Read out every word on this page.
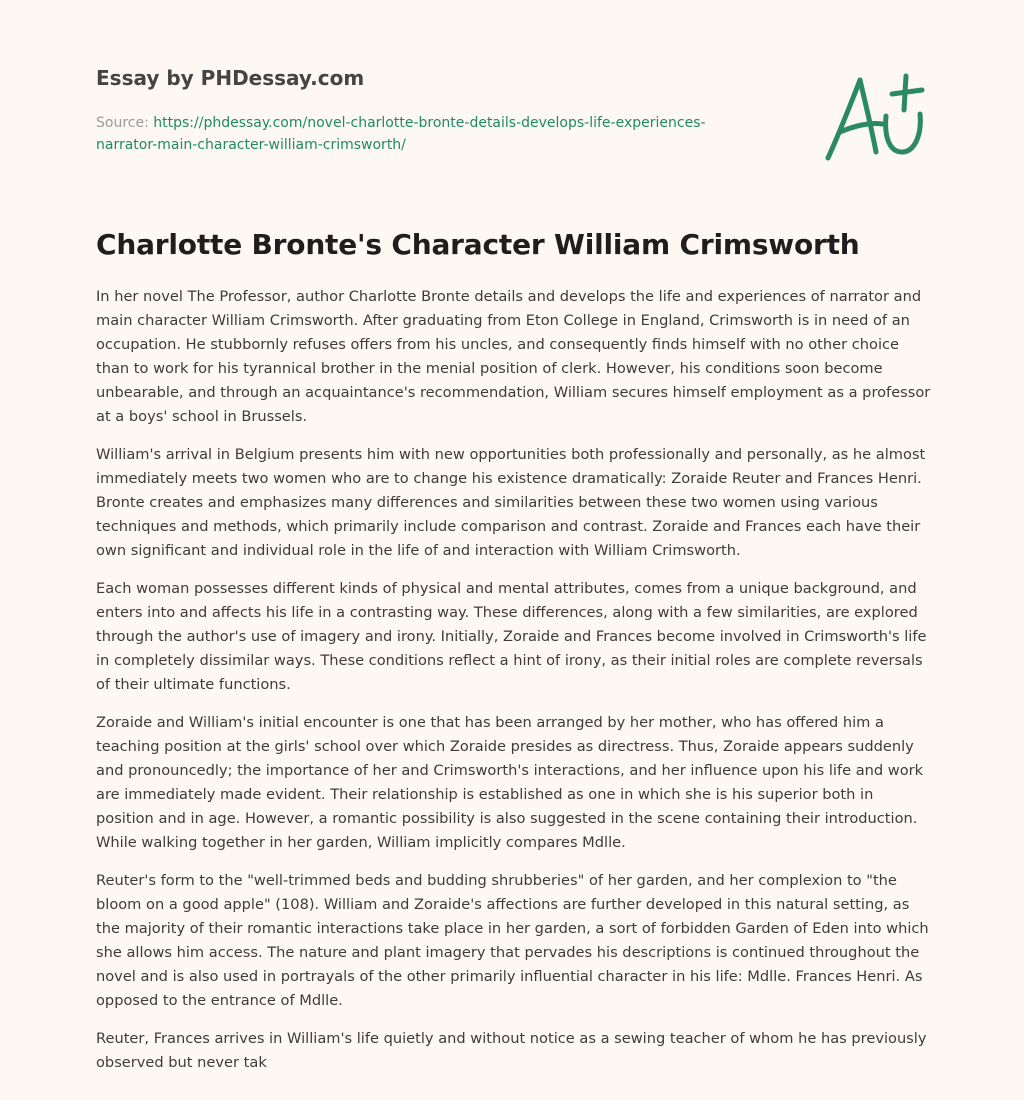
Essay by PHDessay.com
Source: https://phdessay.com/novel-charlotte-bronte-details-develops-life-experiences-
narrator-main-character-william-crimsworth/
Charlotte Bronte's Character William Crimsworth

In her novel The Professor, author Charlotte Bronte details and develops the life and experiences of narrator and main character William Crimsworth. After graduating from Eton College in England, Crimsworth is in need of an occupation. He stubbornly refuses offers from his uncles, and consequently finds himself with no other choice than to work for his tyrannical brother in the menial position of clerk. However, his conditions soon become unbearable, and through an acquaintance's recommendation, William secures himself employment as a professor at a boys' school in Brussels.

William's arrival in Belgium presents him with new opportunities both professionally and personally, as he almost immediately meets two women who are to change his existence dramatically: Zoraide Reuter and Frances Henri. Bronte creates and emphasizes many differences and similarities between these two women using various techniques and methods, which primarily include comparison and contrast. Zoraide and Frances each have their own significant and individual role in the life of and interaction with William Crimsworth.

Each woman possesses different kinds of physical and mental attributes, comes from a unique background, and enters into and affects his life in a contrasting way. These differences, along with a few similarities, are explored through the author's use of imagery and irony. Initially, Zoraide and Frances become involved in Crimsworth's life in completely dissimilar ways. These conditions reflect a hint of irony, as their initial roles are complete reversals of their ultimate functions.

Zoraide and William's initial encounter is one that has been arranged by her mother, who has offered him a teaching position at the girls' school over which Zoraide presides as directress. Thus, Zoraide appears suddenly and pronouncedly; the importance of her and Crimsworth's interactions, and her influence upon his life and work are immediately made evident. Their relationship is established as one in which she is his superior both in position and in age. However, a romantic possibility is also suggested in the scene containing their introduction. While walking together in her garden, William implicitly compares Mdlle.

Reuter's form to the "well-trimmed beds and budding shrubberies" of her garden, and her complexion to "the bloom on a good apple" (108). William and Zoraide's affections are further developed in this natural setting, as the majority of their romantic interactions take place in her garden, a sort of forbidden Garden of Eden into which she allows him access. The nature and plant imagery that pervades his descriptions is continued throughout the novel and is also used in portrayals of the other primarily influential character in his life: Mdlle. Frances Henri. As opposed to the entrance of Mdlle.

Reuter, Frances arrives in William's life quietly and without notice as a sewing teacher of whom he has previously observed but never tak
